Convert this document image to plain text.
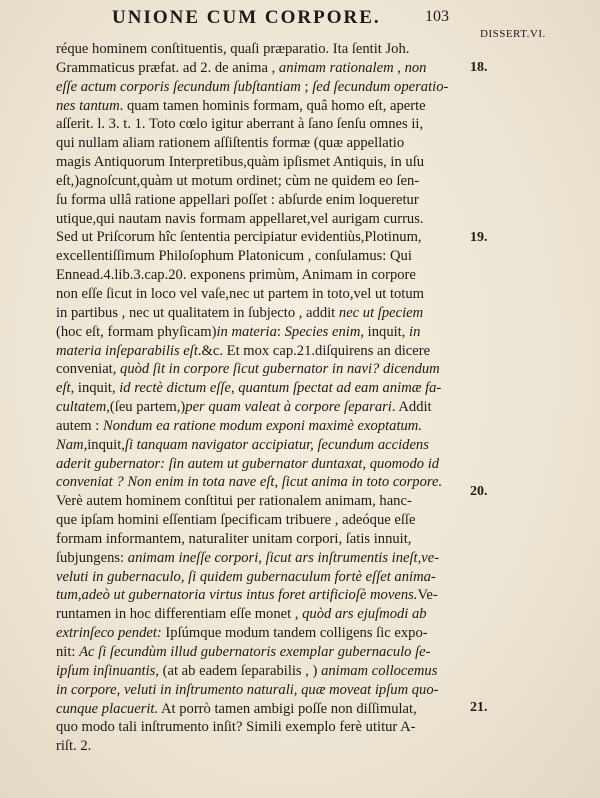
UNIONE CUM CORPORE.	103
DISSERT.VI.
réque hominem conſtituentis, quaſi præparatio. Ita ſentit Joh.
Grammaticus præfat. ad 2. de anima , animam rationalem , non
eſſe actum corporis ſecundum ſubſtantiam ; ſed ſecundum operatio-
nes tantum. quam tamen hominis formam, quâ homo eſt, aperte
aſſerit. l. 3. t. 1. Toto cœlo igitur aberrant à ſano ſenſu omnes ii,
qui nullam aliam rationem aſſiſtentis formæ (quæ appellatio
magis Antiquorum Interpretibus,quàm ipſismet Antiquis, in uſu
eſt,)agnoſcunt,quàm ut motum ordinet; cùm ne quidem eo ſen-
ſu forma ullâ ratione appellari poſſet : abſurde enim loqueretur
utique,qui nautam navis formam appellaret,vel aurigam currus.
Sed ut Priſcorum hîc ſententia percipiatur evidentiùs,Plotinum,
excellentiſſimum Philoſophum Platonicum , conſulamus: Qui
Ennead.4.lib.3.cap.20. exponens primùm, Animam in corpore
non eſſe ſicut in loco vel vaſe,nec ut partem in toto,vel ut totum
in partibus , nec ut qualitatem in ſubjecto , addit nec ut ſpeciem
(hoc eſt, formam phyſicam)in materia: Species enim, inquit, in
materia inſeparabilis eſt.&c. Et mox cap.21.diſquirens an dicere
conveniat, quòd ſit in corpore ſicut gubernator in navi? dicendum
eſt, inquit, id rectè dictum eſſe, quantum ſpectat ad eam animæ fa-
cultatem,(ſeu partem,)per quam valeat à corpore ſeparari. Addit
autem : Nondum ea ratione modum exponi maximè exoptatum.
Nam,inquit,ſi tanquam navigator accipiatur, ſecundum accidens
aderit gubernator: ſin autem ut gubernator duntaxat, quomodo id
conveniat ? Non enim in tota nave eſt, ſicut anima in toto corpore.
Verè autem hominem conſtitui per rationalem animam, hanc-
que ipſam homini eſſentiam ſpecificam tribuere , adeóque eſſe
formam informantem, naturaliter unitam corpori, ſatis innuit,
ſubjungens: animam ineſſe corpori, ſicut ars inſtrumentis ineſt,ve-
veluti in gubernaculo, ſi quidem gubernaculum fortè eſſet anima-
tum,adeò ut gubernatoria virtus intus foret artificioſè movens.Ve-
runtamen in hoc differentiam eſſe monet , quòd ars ejuſmodi ab
extrinſeco pendet: Ipſúmque modum tandem colligens ſic expo-
nit: Ac ſi ſecundùm illud gubernatoris exemplar gubernaculo ſe-
ipſum inſinuantis, (at ab eadem ſeparabilis , ) animam collocemus
in corpore, veluti in inſtrumento naturali, quæ moveat ipſum quo-
cunque placuerit. At porrò tamen ambigi poſſe non diſſimulat,
quo modo tali inſtrumento inſit? Simili exemplo ferè utitur A-
riſt. 2.
18.
19.
20.
21.
